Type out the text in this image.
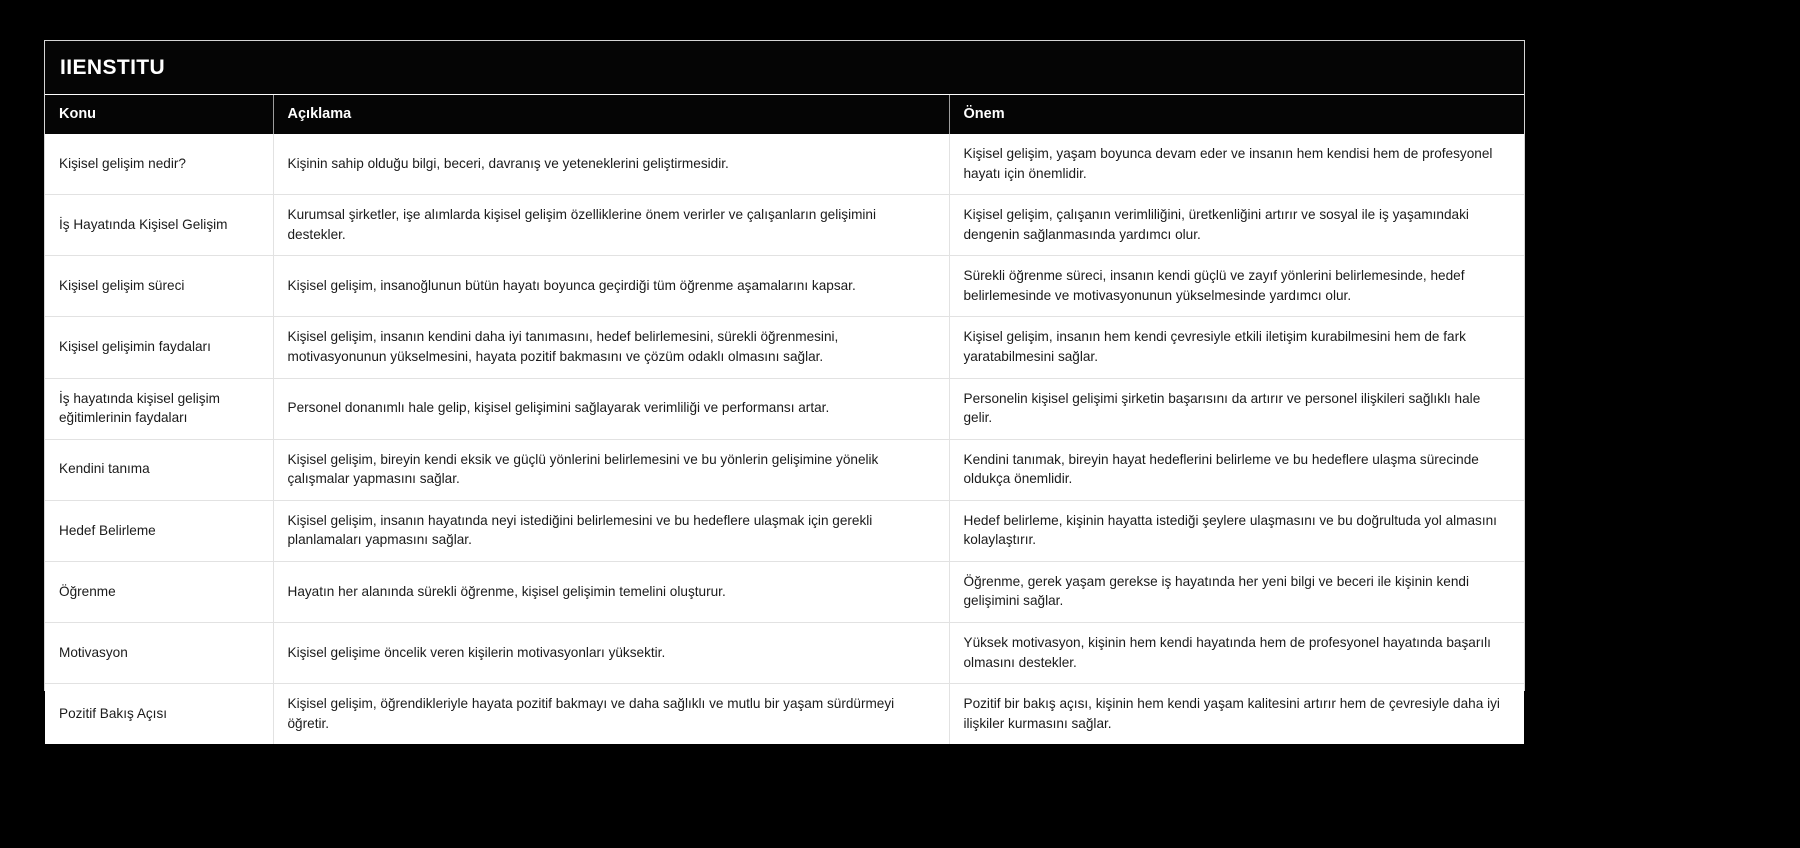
IIENSTITU
Konu	Açıklama	Önem
Kişisel gelişim nedir?	Kişinin sahip olduğu bilgi, beceri, davranış ve yeteneklerini geliştirmesidir.	Kişisel gelişim, yaşam boyunca devam eder ve insanın hem kendisi hem de profesyonel hayatı için önemlidir.
İş Hayatında Kişisel Gelişim	Kurumsal şirketler, işe alımlarda kişisel gelişim özelliklerine önem verirler ve çalışanların gelişimini destekler.	Kişisel gelişim, çalışanın verimliliğini, üretkenliğini artırır ve sosyal ile iş yaşamındaki dengenin sağlanmasında yardımcı olur.
Kişisel gelişim süreci	Kişisel gelişim, insanoğlunun bütün hayatı boyunca geçirdiği tüm öğrenme aşamalarını kapsar.	Sürekli öğrenme süreci, insanın kendi güçlü ve zayıf yönlerini belirlemesinde, hedef belirlemesinde ve motivasyonunun yükselmesinde yardımcı olur.
Kişisel gelişimin faydaları	Kişisel gelişim, insanın kendini daha iyi tanımasını, hedef belirlemesini, sürekli öğrenmesini, motivasyonunun yükselmesini, hayata pozitif bakmasını ve çözüm odaklı olmasını sağlar.	Kişisel gelişim, insanın hem kendi çevresiyle etkili iletişim kurabilmesini hem de fark yaratabilmesini sağlar.
İş hayatında kişisel gelişim eğitimlerinin faydaları	Personel donanımlı hale gelip, kişisel gelişimini sağlayarak verimliliği ve performansı artar.	Personelin kişisel gelişimi şirketin başarısını da artırır ve personel ilişkileri sağlıklı hale gelir.
Kendini tanıma	Kişisel gelişim, bireyin kendi eksik ve güçlü yönlerini belirlemesini ve bu yönlerin gelişimine yönelik çalışmalar yapmasını sağlar.	Kendini tanımak, bireyin hayat hedeflerini belirleme ve bu hedeflere ulaşma sürecinde oldukça önemlidir.
Hedef Belirleme	Kişisel gelişim, insanın hayatında neyi istediğini belirlemesini ve bu hedeflere ulaşmak için gerekli planlamaları yapmasını sağlar.	Hedef belirleme, kişinin hayatta istediği şeylere ulaşmasını ve bu doğrultuda yol almasını kolaylaştırır.
Öğrenme	Hayatın her alanında sürekli öğrenme, kişisel gelişimin temelini oluşturur.	Öğrenme, gerek yaşam gerekse iş hayatında her yeni bilgi ve beceri ile kişinin kendi gelişimini sağlar.
Motivasyon	Kişisel gelişime öncelik veren kişilerin motivasyonları yüksektir.	Yüksek motivasyon, kişinin hem kendi hayatında hem de profesyonel hayatında başarılı olmasını destekler.
Pozitif Bakış Açısı	Kişisel gelişim, öğrendikleriyle hayata pozitif bakmayı ve daha sağlıklı ve mutlu bir yaşam sürdürmeyi öğretir.	Pozitif bir bakış açısı, kişinin hem kendi yaşam kalitesini artırır hem de çevresiyle daha iyi ilişkiler kurmasını sağlar.
